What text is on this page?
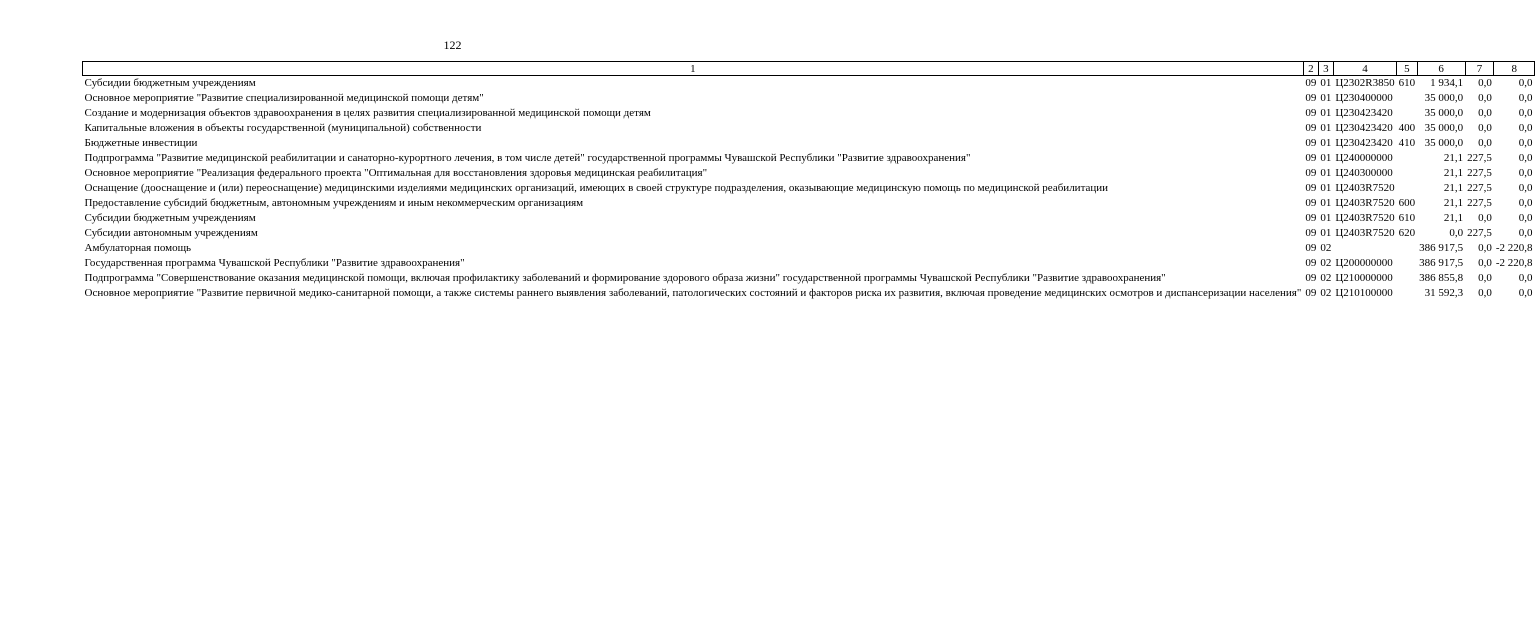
122
1	2	3	4	5	6	7	8
Субсидии бюджетным учреждениям	09	01	Ц2302R3850	610	1 934,1	0,0	0,0
Основное мероприятие "Развитие специализированной медицинской помощи детям"	09	01	Ц230400000		35 000,0	0,0	0,0
Создание и модернизация объектов здравоохранения в целях развития специализированной медицинской помощи детям	09	01	Ц230423420		35 000,0	0,0	0,0
Капитальные вложения в объекты государственной (муниципальной) собственности	09	01	Ц230423420	400	35 000,0	0,0	0,0
Бюджетные инвестиции	09	01	Ц230423420	410	35 000,0	0,0	0,0
Подпрограмма "Развитие медицинской реабилитации и санаторно-курортного лечения, в том числе детей" государственной программы Чувашской Республики "Развитие здравоохранения"	09	01	Ц240000000		21,1	227,5	0,0
Основное мероприятие "Реализация федерального проекта "Оптимальная для восстановления здоровья медицинская реабилитация"	09	01	Ц240300000		21,1	227,5	0,0
Оснащение (дооснащение и (или) переоснащение) медицинскими изделиями медицинских организаций, имеющих в своей структуре подразделения, оказывающие медицинскую помощь по медицинской реабилитации	09	01	Ц2403R7520		21,1	227,5	0,0
Предоставление субсидий бюджетным, автономным учреждениям и иным некоммерческим организациям	09	01	Ц2403R7520	600	21,1	227,5	0,0
Субсидии бюджетным учреждениям	09	01	Ц2403R7520	610	21,1	0,0	0,0
Субсидии автономным учреждениям	09	01	Ц2403R7520	620	0,0	227,5	0,0
Амбулаторная помощь	09	02			386 917,5	0,0	-2 220,8
Государственная программа Чувашской Республики "Развитие здравоохранения"	09	02	Ц200000000		386 917,5	0,0	-2 220,8
Подпрограмма "Совершенствование оказания медицинской помощи, включая профилактику заболеваний и формирование здорового образа жизни" государственной программы Чувашской Республики "Развитие здравоохранения"	09	02	Ц210000000		386 855,8	0,0	0,0
Основное мероприятие "Развитие первичной медико-санитарной помощи, а также системы раннего выявления заболеваний, патологических состояний и факторов риска их развития, включая проведение медицинских осмотров и диспансеризации населения"	09	02	Ц210100000		31 592,3	0,0	0,0
